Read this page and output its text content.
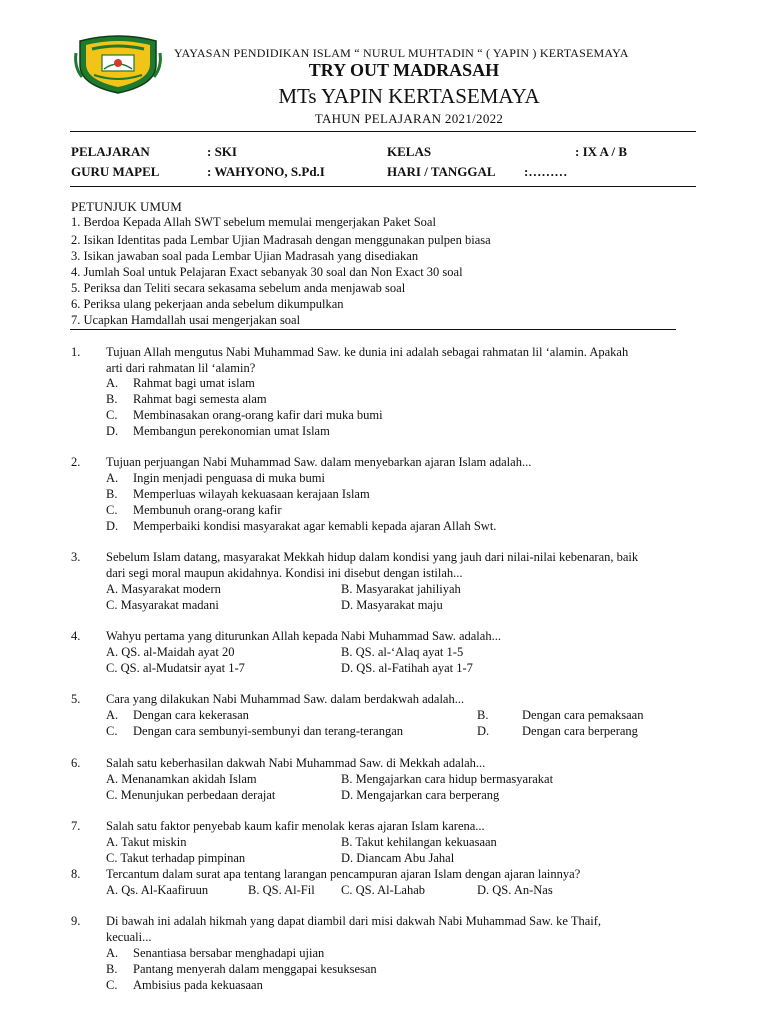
YAYASAN PENDIDIKAN ISLAM “ NURUL MUHTADIN “ ( YAPIN ) KERTASEMAYA
TRY OUT MADRASAH
MTs YAPIN KERTASEMAYA
TAHUN PELAJARAN 2021/2022
PELAJARAN	: SKI	KELAS	: IX A / B
GURU MAPEL	: WAHYONO, S.Pd.I	HARI / TANGGAL :………
PETUNJUK UMUM
1. Berdoa Kepada Allah SWT sebelum memulai mengerjakan Paket Soal
2. Isikan Identitas pada Lembar Ujian Madrasah dengan menggunakan pulpen biasa
3. Isikan jawaban soal pada Lembar Ujian Madrasah yang disediakan
4. Jumlah Soal untuk Pelajaran Exact sebanyak 30 soal dan Non Exact 30 soal
5. Periksa dan Teliti secara sekasama sebelum anda menjawab soal
6. Periksa ulang pekerjaan anda sebelum dikumpulkan
7. Ucapkan Hamdallah usai mengerjakan soal
1. Tujuan Allah mengutus Nabi Muhammad Saw. ke dunia ini adalah sebagai rahmatan lil ‘alamin. Apakah
arti dari rahmatan lil ‘alamin?
A. Rahmat bagi umat islam
B. Rahmat bagi semesta alam
C. Membinasakan orang-orang kafir dari muka bumi
D. Membangun perekonomian umat Islam
2. Tujuan perjuangan Nabi Muhammad Saw. dalam menyebarkan ajaran Islam adalah...
A. Ingin menjadi penguasa di muka bumi
B. Memperluas wilayah kekuasaan kerajaan Islam
C. Membunuh orang-orang kafir
D. Memperbaiki kondisi masyarakat agar kemabli kepada ajaran Allah Swt.
3. Sebelum Islam datang, masyarakat Mekkah hidup dalam kondisi yang jauh dari nilai-nilai kebenaran, baik
dari segi moral maupun akidahnya. Kondisi ini disebut dengan istilah...
A. Masyarakat modern	B. Masyarakat jahiliyah
C. Masyarakat madani	D. Masyarakat maju
4. Wahyu pertama yang diturunkan Allah kepada Nabi Muhammad Saw. adalah...
A. QS. al-Maidah ayat 20	B. QS. al-‘Alaq ayat 1-5
C. QS. al-Mudatsir ayat 1-7	D. QS. al-Fatihah ayat 1-7
5. Cara yang dilakukan Nabi Muhammad Saw. dalam berdakwah adalah...
A. Dengan cara kekerasan	B.	Dengan cara pemaksaan
C. Dengan cara sembunyi-sembunyi dan terang-terangan	D.	Dengan cara berperang
6. Salah satu keberhasilan dakwah Nabi Muhammad Saw. di Mekkah adalah...
A. Menanamkan akidah Islam	B. Mengajarkan cara hidup bermasyarakat
C. Menunjukan perbedaan derajat	D. Mengajarkan cara berperang
7. Salah satu faktor penyebab kaum kafir menolak keras ajaran Islam karena...
A. Takut miskin	B. Takut kehilangan kekuasaan
C. Takut terhadap pimpinan	D. Diancam Abu Jahal
8. Tercantum dalam surat apa tentang larangan pencampuran ajaran Islam dengan ajaran lainnya?
A. Qs. Al-Kaafiruun	B. QS. Al-Fil C. QS. Al-Lahab	D. QS. An-Nas
9. Di bawah ini adalah hikmah yang dapat diambil dari misi dakwah Nabi Muhammad Saw. ke Thaif,
kecuali...
A. Senantiasa bersabar menghadapi ujian
B. Pantang menyerah dalam menggapai kesuksesan
C. Ambisius pada kekuasaan
